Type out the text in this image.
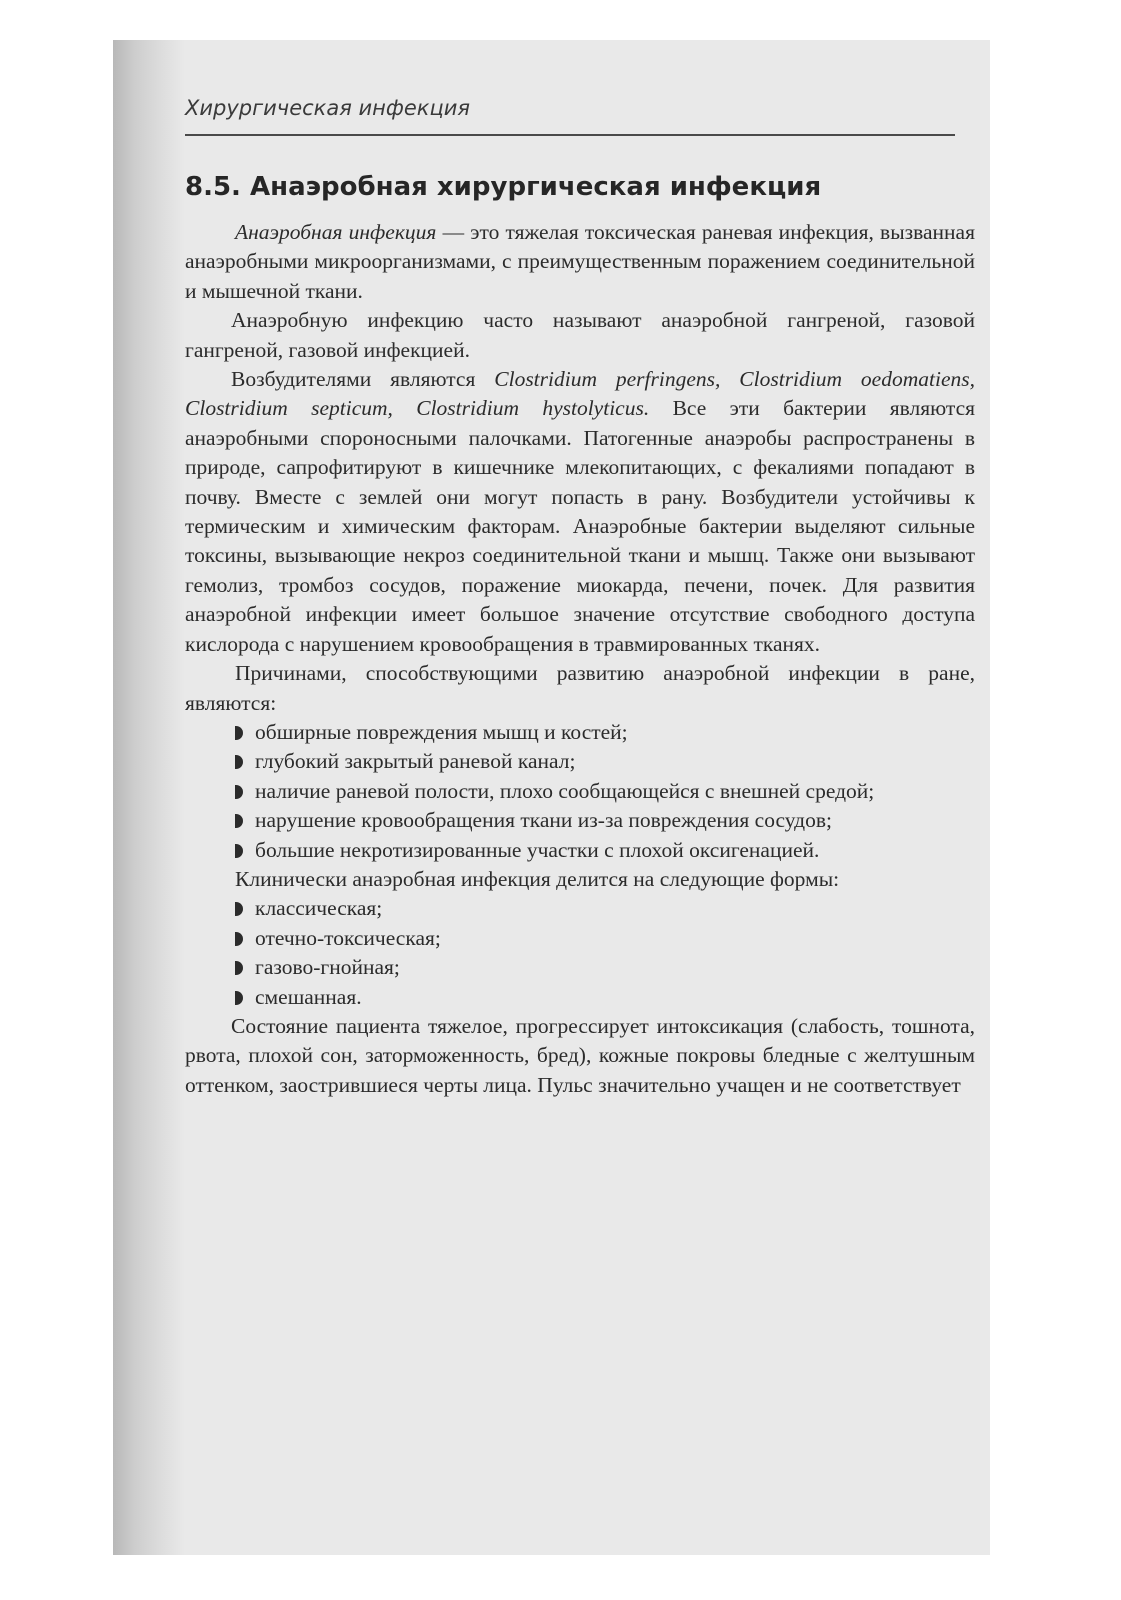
Хирургическая инфекция
8.5. Анаэробная хирургическая инфекция

Анаэробная инфекция — это тяжелая токсическая раневая инфекция, вызванная анаэробными микроорганизмами, с преимущественным поражением соединительной и мышечной ткани.

Анаэробную инфекцию часто называют анаэробной гангреной, газовой гангреной, газовой инфекцией.

Возбудителями являются Clostridium perfringens, Clostridium oedomatiens, Clostridium septicum, Clostridium hystolyticus. Все эти бактерии являются анаэробными спороносными палочками. Патогенные анаэробы распространены в природе, сапрофитируют в кишечнике млекопитающих, с фекалиями попадают в почву. Вместе с землей они могут попасть в рану. Возбудители устойчивы к термическим и химическим факторам. Анаэробные бактерии выделяют сильные токсины, вызывающие некроз соединительной ткани и мышц. Также они вызывают гемолиз, тромбоз сосудов, поражение миокарда, печени, почек. Для развития анаэробной инфекции имеет большое значение отсутствие свободного доступа кислорода с нарушением кровообращения в травмированных тканях.

Причинами, способствующими развитию анаэробной инфекции в ране, являются:

обширные повреждения мышц и костей;
глубокий закрытый раневой канал;
наличие раневой полости, плохо сообщающейся с внешней средой;
нарушение кровообращения ткани из-за повреждения сосудов;
большие некротизированные участки с плохой оксигенацией.

Клинически анаэробная инфекция делится на следующие формы:

классическая;
отечно-токсическая;
газово-гнойная;
смешанная.

Состояние пациента тяжелое, прогрессирует интоксикация (слабость, тошнота, рвота, плохой сон, заторможенность, бред), кожные покровы бледные с желтушным оттенком, заострившиеся черты лица. Пульс значительно учащен и не соответствует
